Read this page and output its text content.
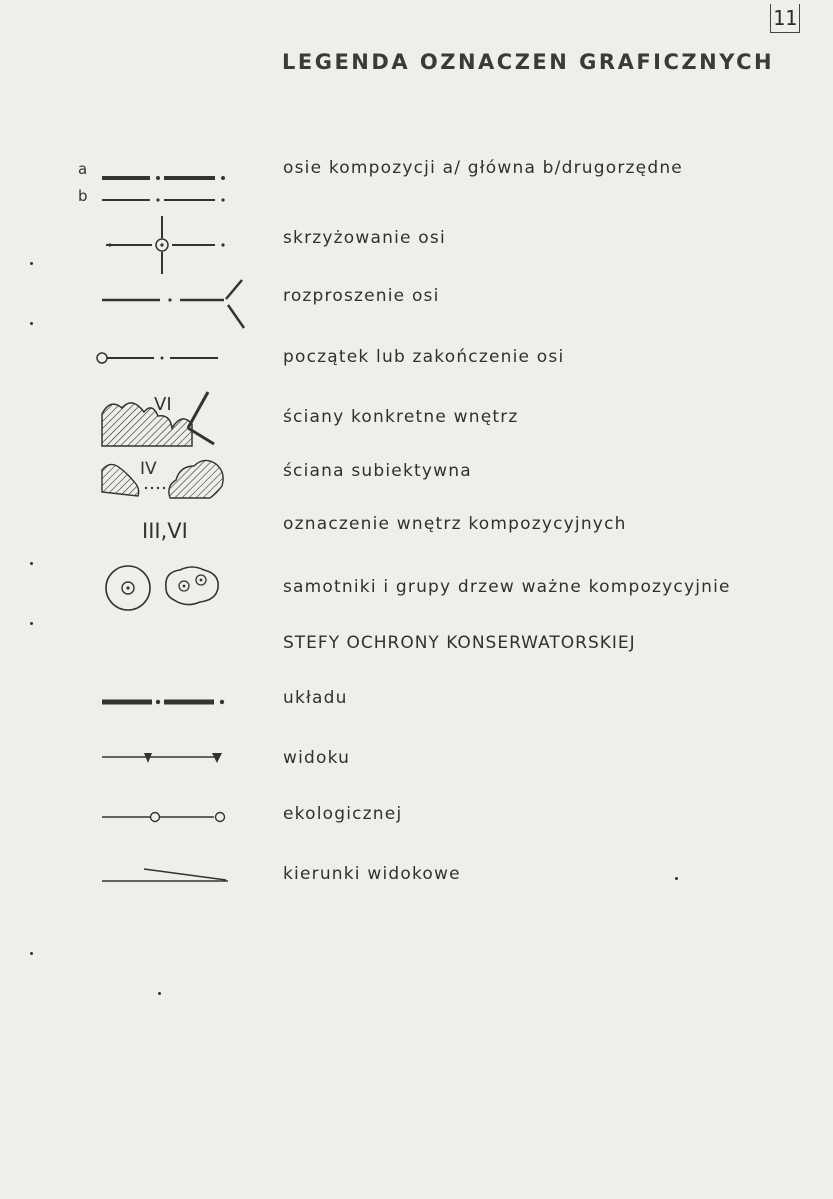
11
LEGENDA OZNACZEN GRAFICZNYCH
a
b
osie kompozycji a/ główna b/drugorzędne
skrzyżowanie osi
rozproszenie osi
początek lub zakończenie osi
VI
ściany konkretne wnętrz
IV	ściana subiektywna
III,VI	oznaczenie wnętrz kompozycyjnych
samotniki i grupy drzew ważne kompozycyjnie
STEFY OCHRONY KONSERWATORSKIEJ
układu
widoku
ekologicznej
kierunki widokowe
